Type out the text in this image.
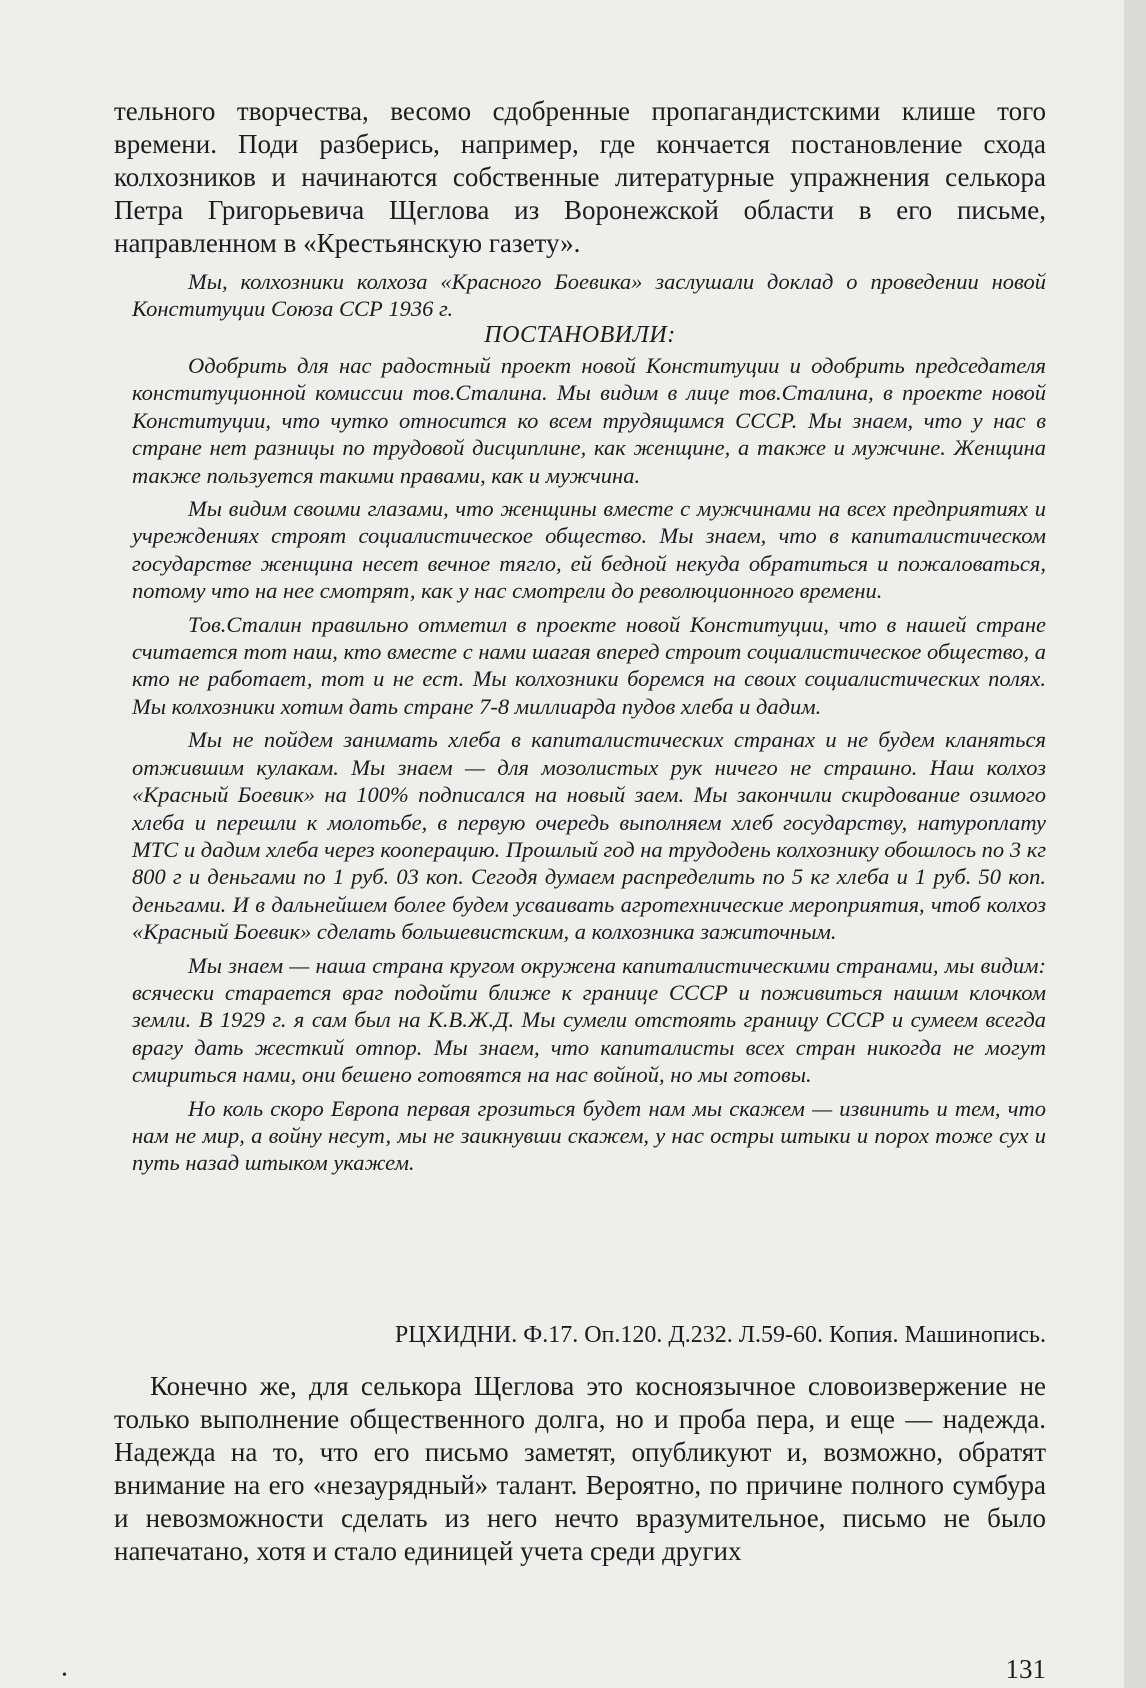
тельного творчества, весомо сдобренные пропагандистскими клише того времени. Поди разберись, например, где кончается постановление схода колхозников и начинаются собственные литературные упражнения селькора Петра Григорьевича Щеглова из Воронежской области в его письме, направленном в «Крестьянскую газету».

Мы, колхозники колхоза «Красного Боевика» заслушали доклад о проведении новой Конституции Союза ССР 1936 г.

ПОСТАНОВИЛИ:

Одобрить для нас радостный проект новой Конституции и одобрить председателя конституционной комиссии тов.Сталина. Мы видим в лице тов.Сталина, в проекте новой Конституции, что чутко относится ко всем трудящимся СССР. Мы знаем, что у нас в стране нет разницы по трудовой дисциплине, как женщине, а также и мужчине. Женщина также пользуется такими правами, как и мужчина.

Мы видим своими глазами, что женщины вместе с мужчинами на всех предприятиях и учреждениях строят социалистическое общество. Мы знаем, что в капиталистическом государстве женщина несет вечное тягло, ей бедной некуда обратиться и пожаловаться, потому что на нее смотрят, как у нас смотрели до революционного времени.

Тов.Сталин правильно отметил в проекте новой Конституции, что в нашей стране считается тот наш, кто вместе с нами шагая вперед строит социалистическое общество, а кто не работает, тот и не ест. Мы колхозники боремся на своих социалистических полях. Мы колхозники хотим дать стране 7-8 миллиарда пудов хлеба и дадим.

Мы не пойдем занимать хлеба в капиталистических странах и не будем кланяться отжившим кулакам. Мы знаем — для мозолистых рук ничего не страшно. Наш колхоз «Красный Боевик» на 100% подписался на новый заем. Мы закончили скирдование озимого хлеба и перешли к молотьбе, в первую очередь выполняем хлеб государству, натуроплату МТС и дадим хлеба через кооперацию. Прошлый год на трудодень колхознику обошлось по 3 кг 800 г и деньгами по 1 руб. 03 коп. Сегодя думаем распределить по 5 кг хлеба и 1 руб. 50 коп. деньгами. И в дальнейшем более будем усваивать агротехнические мероприятия, чтоб колхоз «Красный Боевик» сделать большевистским, а колхозника зажиточным.

Мы знаем — наша страна кругом окружена капиталистическими странами, мы видим: всячески старается враг подойти ближе к границе СССР и поживиться нашим клочком земли. В 1929 г. я сам был на К.В.Ж.Д. Мы сумели отстоять границу СССР и сумеем всегда врагу дать жесткий отпор. Мы знаем, что капиталисты всех стран никогда не могут смириться нами, они бешено готовятся на нас войной, но мы готовы.

Но коль скоро Европа первая грозиться будет нам мы скажем — извинить и тем, что нам не мир, а войну несут, мы не заикнувши скажем, у нас остры штыки и порох тоже сух и путь назад штыком укажем.

РЦХИДНИ. Ф.17. Оп.120. Д.232. Л.59-60. Копия. Машинопись.

Конечно же, для селькора Щеглова это косноязычное словоизвержение не только выполнение общественного долга, но и проба пера, и еще — надежда. Надежда на то, что его письмо заметят, опубликуют и, возможно, обратят внимание на его «незаурядный» талант. Вероятно, по причине полного сумбура и невозможности сделать из него нечто вразумительное, письмо не было напечатано, хотя и стало единицей учета среди других

•	131
